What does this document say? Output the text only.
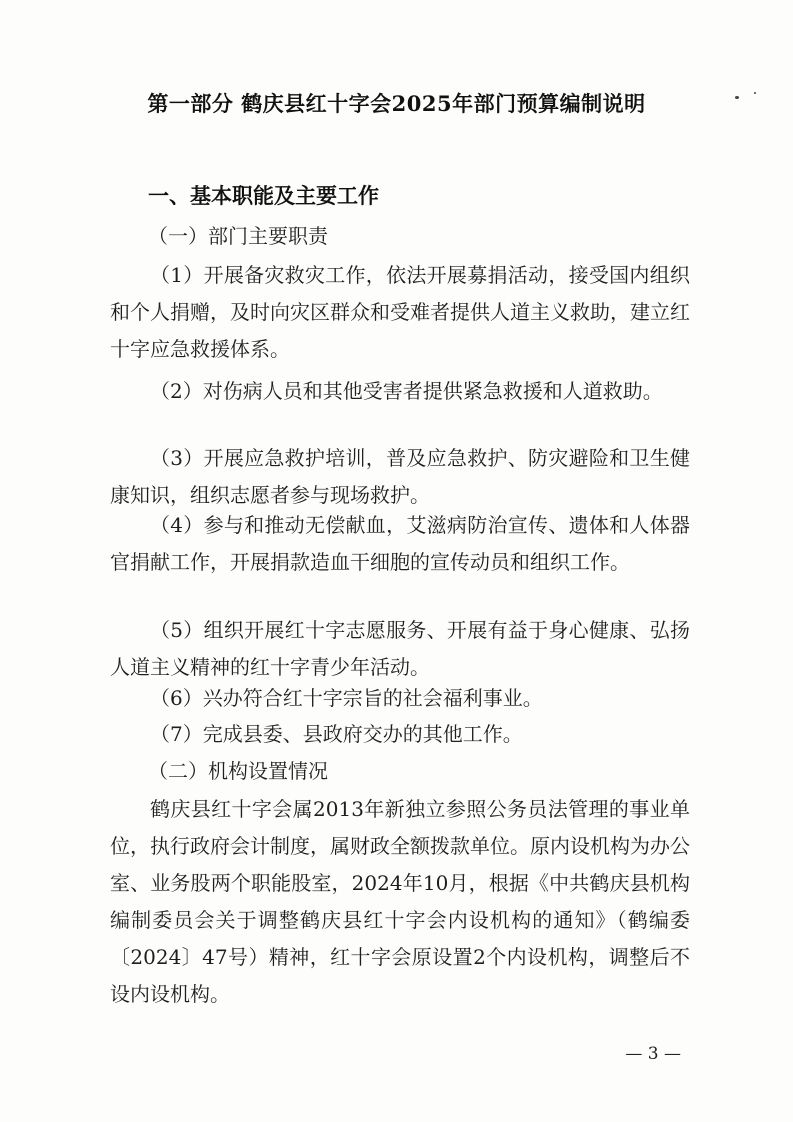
第一部分 鹤庆县红十字会2025年部门预算编制说明
一、基本职能及主要工作
（一）部门主要职责

（1）开展备灾救灾工作，依法开展募捐活动，接受国内组织和个人捐赠，及时向灾区群众和受难者提供人道主义救助，建立红十字应急救援体系。

（2）对伤病人员和其他受害者提供紧急救援和人道救助。

（3）开展应急救护培训，普及应急救护、防灾避险和卫生健康知识，组织志愿者参与现场救护。

（4）参与和推动无偿献血，艾滋病防治宣传、遗体和人体器官捐献工作，开展捐款造血干细胞的宣传动员和组织工作。

（5）组织开展红十字志愿服务、开展有益于身心健康、弘扬人道主义精神的红十字青少年活动。

（6）兴办符合红十字宗旨的社会福利事业。

（7）完成县委、县政府交办的其他工作。

（二）机构设置情况

鹤庆县红十字会属2013年新独立参照公务员法管理的事业单位，执行政府会计制度，属财政全额拨款单位。原内设机构为办公室、业务股两个职能股室，2024年10月，根据《中共鹤庆县机构编制委员会关于调整鹤庆县红十字会内设机构的通知》（鹤编委〔2024〕47号）精神，红十字会原设置2个内设机构，调整后不设内设机构。

— 3 —
